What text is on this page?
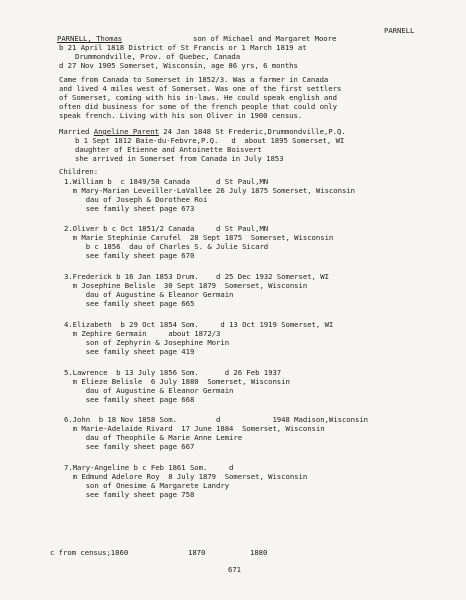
PARNELL
PARNELL, Thomas	son of Michael and Margaret Moore
b 21 April 1818 District of St Francis or 1 March 1819 at
Drummondville, Prov. of Quebec, Canada
d 27 Nov 1905 Somerset, Wisconsin, age 86 yrs, 6 months
Came from Canada to Somerset in 1852/3. Was a farmer in Canada
and lived 4 miles west of Somerset. Was one of the first settlers
of Somerset, coming with his in-laws. He could speak english and
often did business for some of the french people that could only
speak french. Living with his son Oliver in 1900 census.
Married Angeline Parent 24 Jan 1848 St Frederic,Drummondville,P.Q.
b 1 Sept 1812 Baie-du-Febvre,P.Q.   d  about 1895 Somerset, WI
daughter of Etienne and Antoinette Boisvert
she arrived in Somerset from Canada in July 1853
Children:
1.William b  c 1849/50 Canada      d St Paul,MN
m Mary-Marian Leveiller-LaVallee 26 July 1875 Somerset, Wisconsin
dau of Joseph & Dorothee Roi
see family sheet page 673
2.Oliver b c Oct 1851/2 Canada     d St Paul,MN
m Marie Stephinie Carufel  28 Sept 1875  Somerset, Wisconsin
b c 1856  dau of Charles S. & Julie Sicard
see family sheet page 670
3.Frederick b 16 Jan 1853 Drum.    d 25 Dec 1932 Somerset, WI
m Josephine Belisle  30 Sept 1879  Somerset, Wisconsin
dau of Augustine & Eleanor Germain
see family sheet page 665
4.Elizabeth  b 29 Oct 1854 Som.     d 13 Oct 1919 Somerset, WI
m Zephire Germain     about 1872/3
son of Zephyrin & Josephine Morin
see family sheet page 419
5.Lawrence  b 13 July 1856 Som.      d 26 Feb 1937
m Elieze Belisle  6 July 1880  Somerset, Wisconsin
dau of Augustine & Eleanor Germain
see family sheet page 668
6.John  b 18 Nov 1858 Som.         d            1948 Madison,Wisconsin
m Marie-Adelaide Rivard  17 June 1884  Somerset, Wisconsin
dau of Theophile & Marie Anne Lemire
see family sheet page 667
7.Mary-Angeline b c Feb 1861 Som.     d
m Edmund Adelore Roy  8 July 1879  Somerset, Wisconsin
son of Onesime & Margarete Landry
see family sheet page 758
c from census;1860	1870	1880
671
